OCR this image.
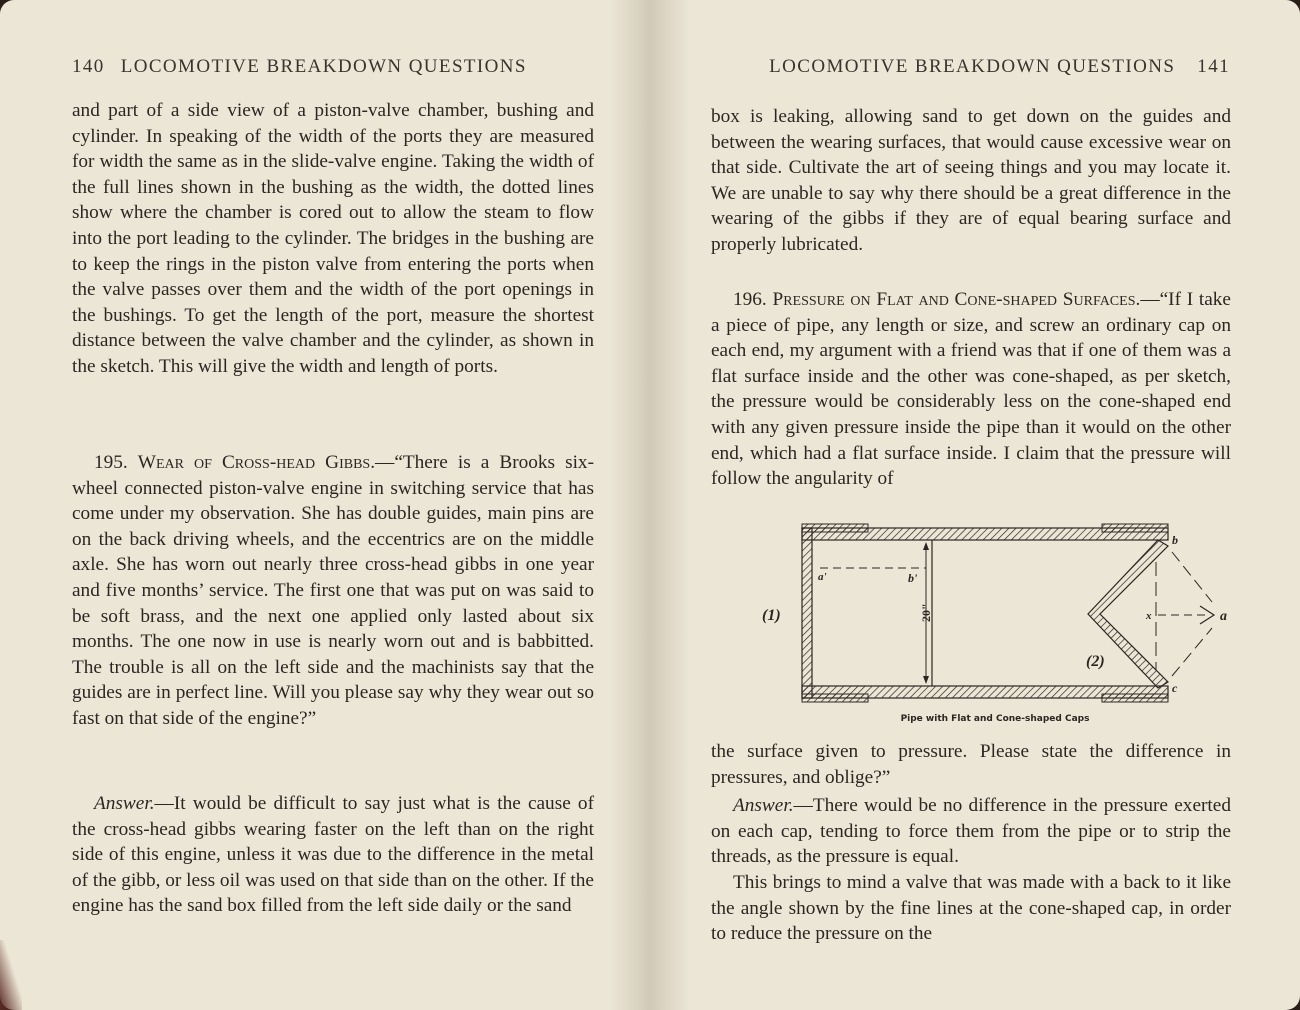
140 LOCOMOTIVE BREAKDOWN QUESTIONS

and part of a side view of a piston-valve chamber, bushing and cylinder. In speaking of the width of the ports they are measured for width the same as in the slide-valve engine. Taking the width of the full lines shown in the bushing as the width, the dotted lines show where the chamber is cored out to allow the steam to flow into the port leading to the cylinder. The bridges in the bushing are to keep the rings in the piston valve from entering the ports when the valve passes over them and the width of the port openings in the bushings. To get the length of the port, measure the shortest distance between the valve chamber and the cylinder, as shown in the sketch. This will give the width and length of ports.

195. Wear of Cross-head Gibbs.—“There is a Brooks six-wheel connected piston-valve engine in switching service that has come under my observation. She has double guides, main pins are on the back driving wheels, and the eccentrics are on the middle axle. She has worn out nearly three cross-head gibbs in one year and five months’ service. The first one that was put on was said to be soft brass, and the next one applied only lasted about six months. The one now in use is nearly worn out and is babbitted. The trouble is all on the left side and the machinists say that the guides are in perfect line. Will you please say why they wear out so fast on that side of the engine?”

Answer.—It would be difficult to say just what is the cause of the cross-head gibbs wearing faster on the left than on the right side of this engine, unless it was due to the difference in the metal of the gibb, or less oil was used on that side than on the other. If the engine has the sand box filled from the left side daily or the sand

LOCOMOTIVE BREAKDOWN QUESTIONS 141

box is leaking, allowing sand to get down on the guides and between the wearing surfaces, that would cause excessive wear on that side. Cultivate the art of seeing things and you may locate it. We are unable to say why there should be a great difference in the wearing of the gibbs if they are of equal bearing surface and properly lubricated.

196. Pressure on Flat and Cone-shaped Surfaces.—“If I take a piece of pipe, any length or size, and screw an ordinary cap on each end, my argument with a friend was that if one of them was a flat surface inside and the other was cone-shaped, as per sketch, the pressure would be considerably less on the cone-shaped end with any given pressure inside the pipe than it would on the other end, which had a flat surface inside. I claim that the pressure will follow the angularity of

(1)
(2)
a'	b'
20"
b
c
a
x
Pipe with Flat and Cone-shaped Caps

the surface given to pressure. Please state the difference in pressures, and oblige?”

Answer.—There would be no difference in the pressure exerted on each cap, tending to force them from the pipe or to strip the threads, as the pressure is equal.

This brings to mind a valve that was made with a back to it like the angle shown by the fine lines at the cone-shaped cap, in order to reduce the pressure on the
